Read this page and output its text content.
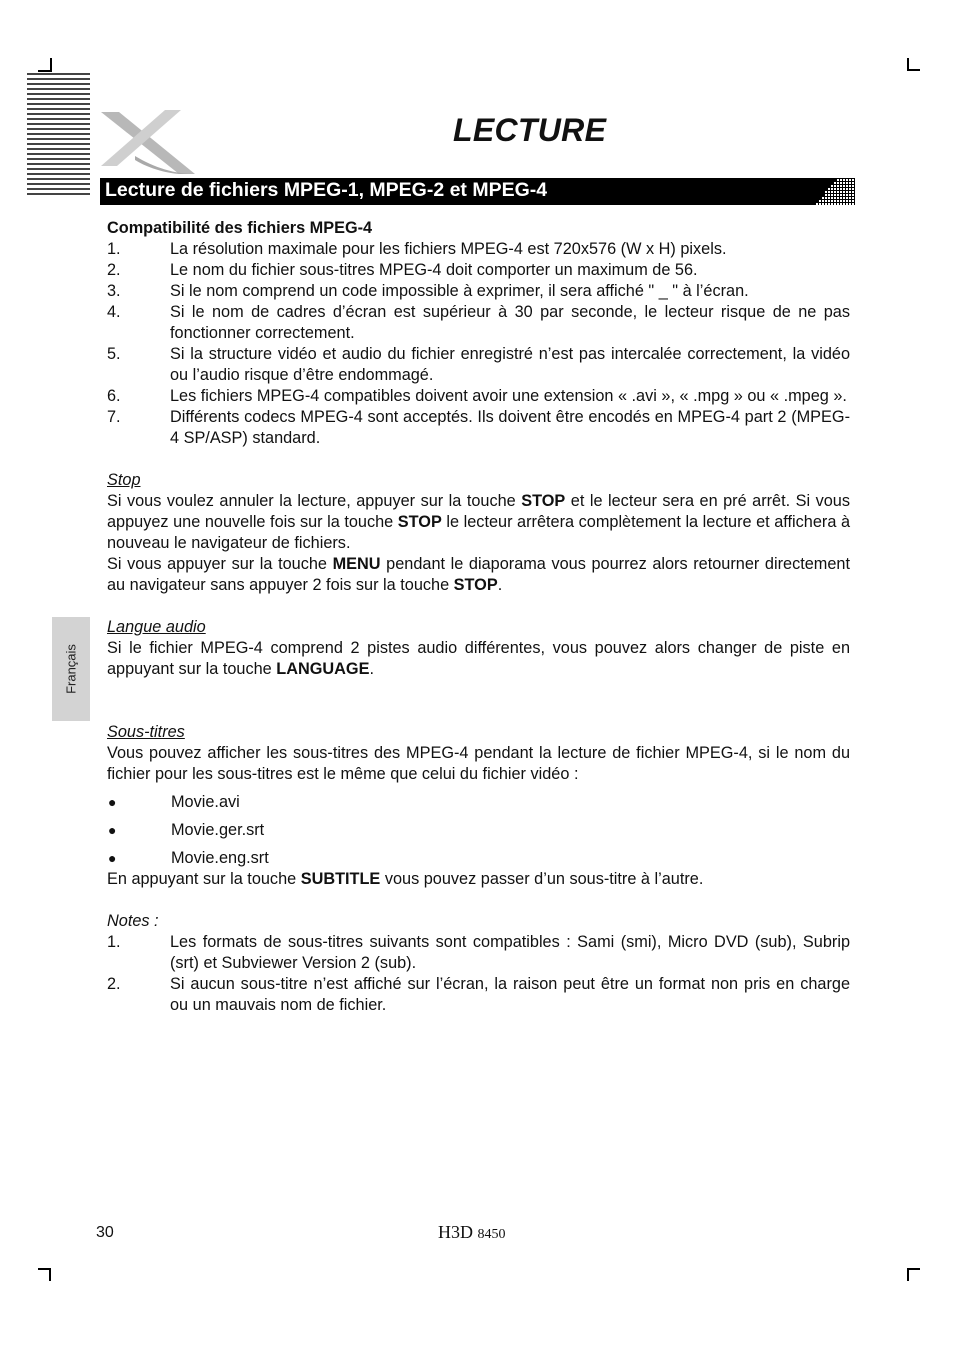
LECTURE
Lecture de fichiers MPEG-1, MPEG-2 et MPEG-4
Français

Compatibilité des fichiers MPEG-4

1.	La résolution maximale pour les fichiers MPEG-4 est 720x576 (W x H) pixels.
2.	Le nom du fichier sous-titres MPEG-4 doit comporter un maximum de 56.
3.	Si le nom comprend un code impossible à exprimer, il sera affiché " _ " à l’écran.
4.	Si le nom de cadres d’écran est supérieur à 30 par seconde, le lecteur risque de ne pas fonctionner correctement.
5.	Si la structure vidéo et audio du fichier enregistré n’est pas intercalée correctement, la vidéo ou l’audio risque d’être endommagé.
6.	Les fichiers MPEG-4 compatibles doivent avoir une extension « .avi », « .mpg » ou « .mpeg ».
7.	Différents codecs MPEG-4 sont acceptés. Ils doivent être encodés en MPEG-4 part 2 (MPEG-4 SP/ASP) standard.

Stop

Si vous voulez annuler la lecture, appuyer sur la touche STOP et le lecteur sera en pré arrêt. Si vous appuyez une nouvelle fois sur la touche STOP le lecteur arrêtera complètement la lecture et affichera à nouveau le navigateur de fichiers.

Si vous appuyer sur la touche MENU pendant le diaporama vous pourrez alors retourner directement au navigateur sans appuyer 2 fois sur la touche STOP.

Langue audio

Si le fichier MPEG-4 comprend 2 pistes audio différentes, vous pouvez alors changer de piste en appuyant sur la touche LANGUAGE.

Sous-titres

Vous pouvez afficher les sous-titres des MPEG-4 pendant la lecture de fichier MPEG-4, si le nom du fichier pour les sous-titres est le même que celui du fichier vidéo :

●	Movie.avi
●	Movie.ger.srt
●	Movie.eng.srt

En appuyant sur la touche SUBTITLE vous pouvez passer d’un sous-titre à l’autre.

Notes :

1.	Les formats de sous-titres suivants sont compatibles : Sami (smi), Micro DVD (sub), Subrip (srt) et Subviewer Version 2 (sub).
2.	Si aucun sous-titre n’est affiché sur l’écran, la raison peut être un format non pris en charge ou un mauvais nom de fichier.
30	H3D 8450
